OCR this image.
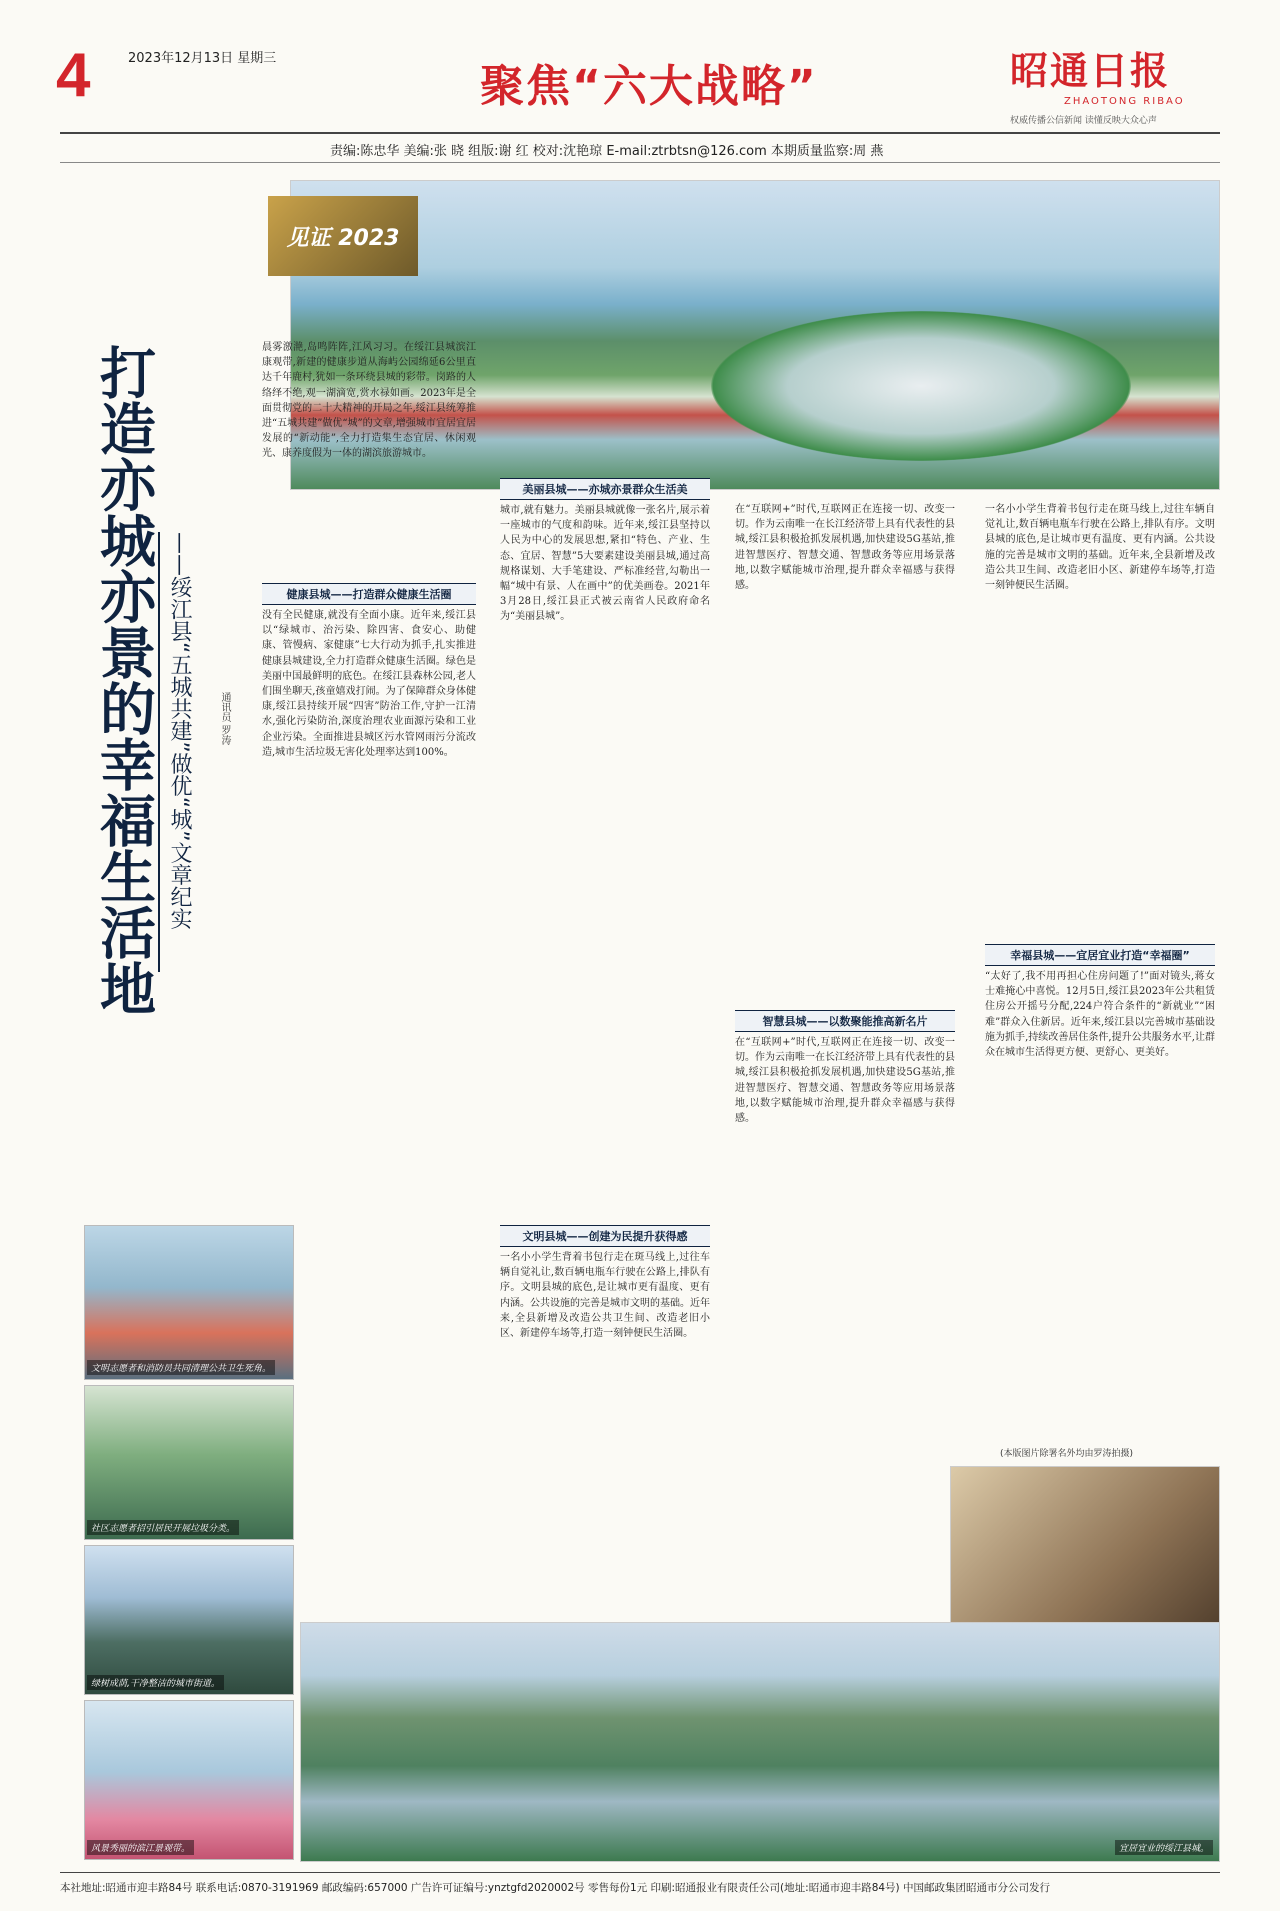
4	2023年12月13日 星期三
聚焦“六大战略”	昭通日报
ZHAOTONG RIBAO
权威传播公信新闻 读懂反映大众心声
责编:陈忠华 美编:张 晓 组版:谢 红 校对:沈艳琼 E-mail:ztrbtsn@126.com 本期质量监察:周 燕
见证 2023
打造亦城亦景的幸福生活地 ——绥江县“五城共建”做优“城”文章纪实	通讯员 罗涛
晨雾激滟,岛鸣阵阵,江风习习。在绥江县城滨江康观带,新建的健康步道从海屿公园绵延6公里直达千年鹿村,犹如一条环绕县城的彩带。岗路的人络绎不绝,观一湖滴宽,赏水禄如画。2023年是全面贯彻党的二十大精神的开局之年,绥江县统筹推进“五城共建”做优“城”的文章,增强城市宜居宜居发展的“新动能”,全力打造集生态宜居、休闲观光、康养度假为一体的湖滨旅游城市。
健康县城——打造群众健康生活圈
没有全民健康,就没有全面小康。近年来,绥江县以“绿城市、治污染、除四害、食安心、助健康、管慢病、家健康”七大行动为抓手,扎实推进健康县城建设,全力打造群众健康生活圈。绿色是美丽中国最鲜明的底色。在绥江县森林公园,老人们围坐聊天,孩童嬉戏打闹。为了保障群众身体健康,绥江县持续开展“四害”防治工作,守护一江清水,强化污染防治,深度治理农业面源污染和工业企业污染。全面推进县城区污水管网雨污分流改造,城市生活垃圾无害化处理率达到100%。
美丽县城——亦城亦景群众生活美
城市,就有魅力。美丽县城就像一张名片,展示着一座城市的气度和韵味。近年来,绥江县坚持以人民为中心的发展思想,紧扣“特色、产业、生态、宜居、智慧”5大要素建设美丽县城,通过高规格谋划、大手笔建设、严标准经营,勾勒出一幅“城中有景、人在画中”的优美画卷。2021年3月28日,绥江县正式被云南省人民政府命名为“美丽县城”。
文明县城——创建为民提升获得感
一名小小学生背着书包行走在斑马线上,过往车辆自觉礼让,数百辆电瓶车行驶在公路上,排队有序。文明县城的底色,是让城市更有温度、更有内涵。公共设施的完善是城市文明的基础。近年来,全县新增及改造公共卫生间、改造老旧小区、新建停车场等,打造一刻钟便民生活圈。
智慧县城——以数聚能推高新名片
在“互联网+”时代,互联网正在连接一切、改变一切。作为云南唯一在长江经济带上具有代表性的县城,绥江县积极抢抓发展机遇,加快建设5G基站,推进智慧医疗、智慧交通、智慧政务等应用场景落地,以数字赋能城市治理,提升群众幸福感与获得感。
在“互联网+”时代,互联网正在连接一切、改变一切。作为云南唯一在长江经济带上具有代表性的县城,绥江县积极抢抓发展机遇,加快建设5G基站,推进智慧医疗、智慧交通、智慧政务等应用场景落地,以数字赋能城市治理,提升群众幸福感与获得感。
幸福县城——宜居宜业打造“幸福圈”
“太好了,我不用再担心住房问题了!”面对镜头,蒋女士难掩心中喜悦。12月5日,绥江县2023年公共租赁住房公开摇号分配,224户符合条件的“新就业”“困难”群众入住新居。近年来,绥江县以完善城市基础设施为抓手,持续改善居住条件,提升公共服务水平,让群众在城市生活得更方便、更舒心、更美好。
一名小小学生背着书包行走在斑马线上,过往车辆自觉礼让,数百辆电瓶车行驶在公路上,排队有序。文明县城的底色,是让城市更有温度、更有内涵。公共设施的完善是城市文明的基础。近年来,全县新增及改造公共卫生间、改造老旧小区、新建停车场等,打造一刻钟便民生活圈。
(本版图片除署名外均由罗涛拍摄)
文明志愿者和消防员共同清理公共卫生死角。
社区志愿者招引居民开展垃圾分类。
绿树成荫,干净整洁的城市街道。
风景秀丽的滨江景观带。	宜居宜业的绥江县城。
本社地址:昭通市迎丰路84号 联系电话:0870-3191969 邮政编码:657000 广告许可证编号:ynztgfd2020002号 零售每份1元 印刷:昭通报业有限责任公司(地址:昭通市迎丰路84号) 中国邮政集团昭通市分公司发行
